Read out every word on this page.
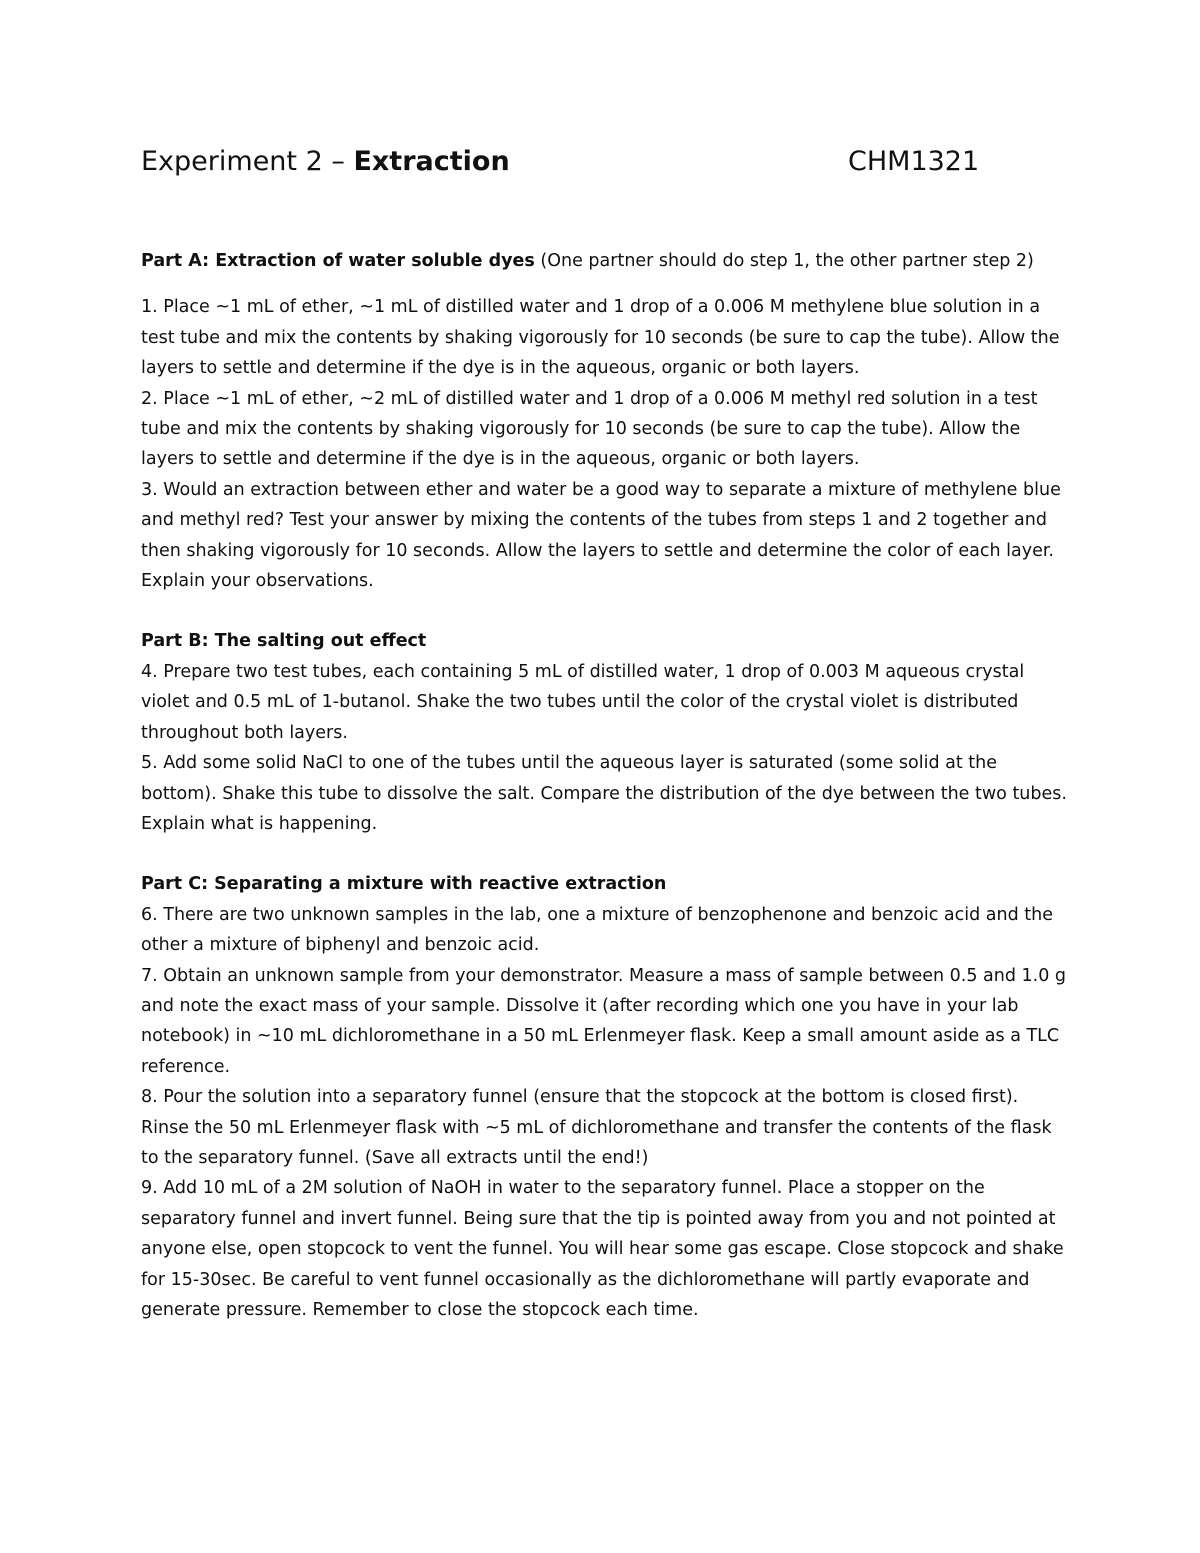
Experiment 2 – Extraction	CHM1321

Part A: Extraction of water soluble dyes (One partner should do step 1, the other partner step 2)

1. Place ~1 mL of ether, ~1 mL of distilled water and 1 drop of a 0.006 M methylene blue solution in a test tube and mix the contents by shaking vigorously for 10 seconds (be sure to cap the tube). Allow the layers to settle and determine if the dye is in the aqueous, organic or both layers.

2. Place ~1 mL of ether, ~2 mL of distilled water and 1 drop of a 0.006 M methyl red solution in a test tube and mix the contents by shaking vigorously for 10 seconds (be sure to cap the tube). Allow the layers to settle and determine if the dye is in the aqueous, organic or both layers.

3. Would an extraction between ether and water be a good way to separate a mixture of methylene blue and methyl red? Test your answer by mixing the contents of the tubes from steps 1 and 2 together and then shaking vigorously for 10 seconds. Allow the layers to settle and determine the color of each layer. Explain your observations.

Part B: The salting out effect

4. Prepare two test tubes, each containing 5 mL of distilled water, 1 drop of 0.003 M aqueous crystal violet and 0.5 mL of 1-butanol. Shake the two tubes until the color of the crystal violet is distributed throughout both layers.

5. Add some solid NaCl to one of the tubes until the aqueous layer is saturated (some solid at the bottom). Shake this tube to dissolve the salt. Compare the distribution of the dye between the two tubes. Explain what is happening.

Part C: Separating a mixture with reactive extraction

6. There are two unknown samples in the lab, one a mixture of benzophenone and benzoic acid and the other a mixture of biphenyl and benzoic acid.

7. Obtain an unknown sample from your demonstrator. Measure a mass of sample between 0.5 and 1.0 g and note the exact mass of your sample. Dissolve it (after recording which one you have in your lab notebook) in ~10 mL dichloromethane in a 50 mL Erlenmeyer flask. Keep a small amount aside as a TLC reference.

8. Pour the solution into a separatory funnel (ensure that the stopcock at the bottom is closed first). Rinse the 50 mL Erlenmeyer flask with ~5 mL of dichloromethane and transfer the contents of the flask to the separatory funnel. (Save all extracts until the end!)

9. Add 10 mL of a 2M solution of NaOH in water to the separatory funnel. Place a stopper on the separatory funnel and invert funnel. Being sure that the tip is pointed away from you and not pointed at anyone else, open stopcock to vent the funnel. You will hear some gas escape. Close stopcock and shake for 15-30sec. Be careful to vent funnel occasionally as the dichloromethane will partly evaporate and generate pressure. Remember to close the stopcock each time.
